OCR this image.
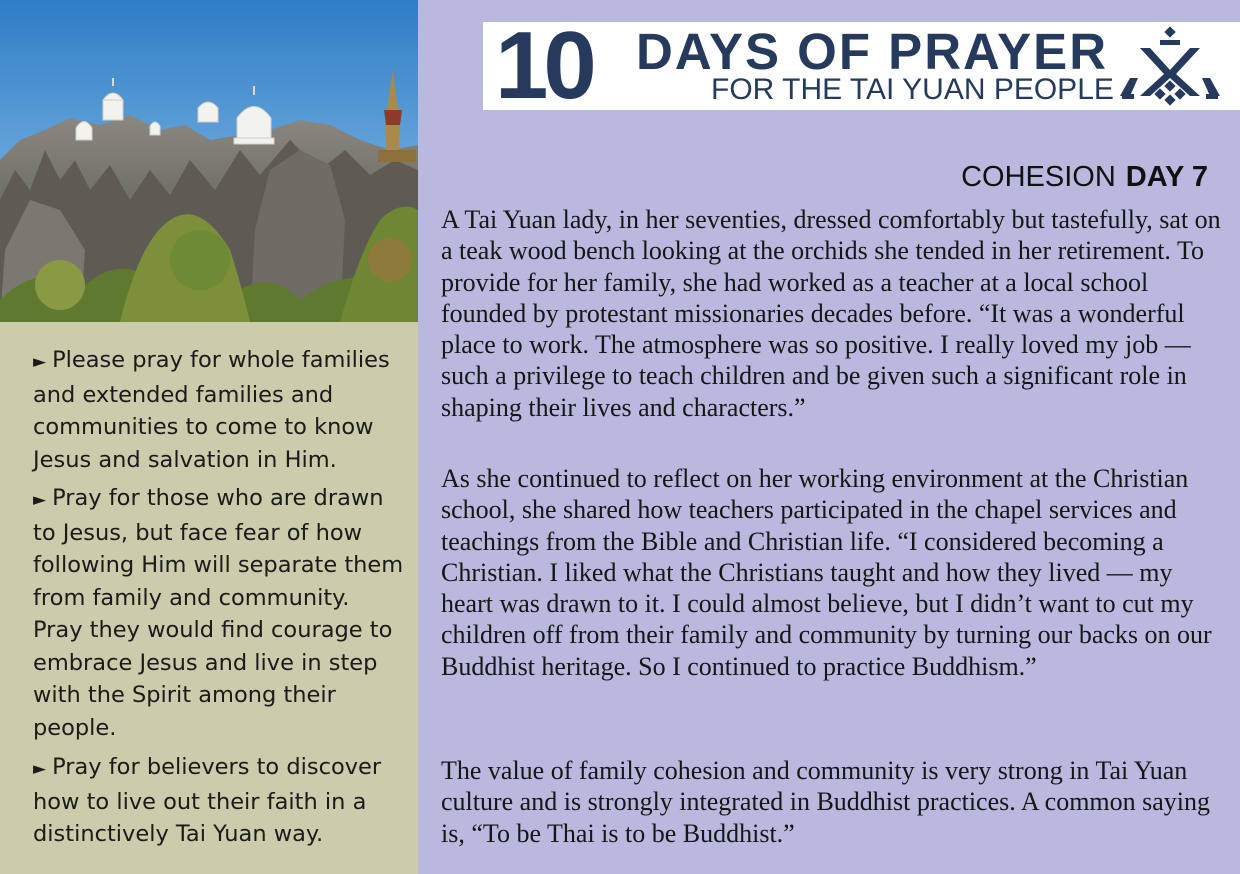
► Please pray for whole families and extended families and communities to come to know Jesus and salvation in Him.

► Pray for those who are drawn to Jesus, but face fear of how following Him will separate them from family and community. Pray they would find courage to embrace Jesus and live in step with the Spirit among their people.

► Pray for believers to discover how to live out their faith in a distinctively Tai Yuan way.

10 DAYS OF PRAYER
FOR THE TAI YUAN PEOPLE
COHESION DAY 7

A Tai Yuan lady, in her seventies, dressed comfortably but tastefully, sat on a teak wood bench looking at the orchids she tended in her retirement. To provide for her family, she had worked as a teacher at a local school founded by protestant missionaries decades before. “It was a wonderful place to work. The atmosphere was so positive. I really loved my job — such a privilege to teach children and be given such a significant role in shaping their lives and characters.”

As she continued to reflect on her working environment at the Christian school, she shared how teachers participated in the chapel services and teachings from the Bible and Christian life. “I considered becoming a Christian. I liked what the Christians taught and how they lived — my heart was drawn to it. I could almost believe, but I didn’t want to cut my children off from their family and community by turning our backs on our Buddhist heritage. So I continued to practice Buddhism.”

The value of family cohesion and community is very strong in Tai Yuan culture and is strongly integrated in Buddhist practices. A common saying is, “To be Thai is to be Buddhist.”
